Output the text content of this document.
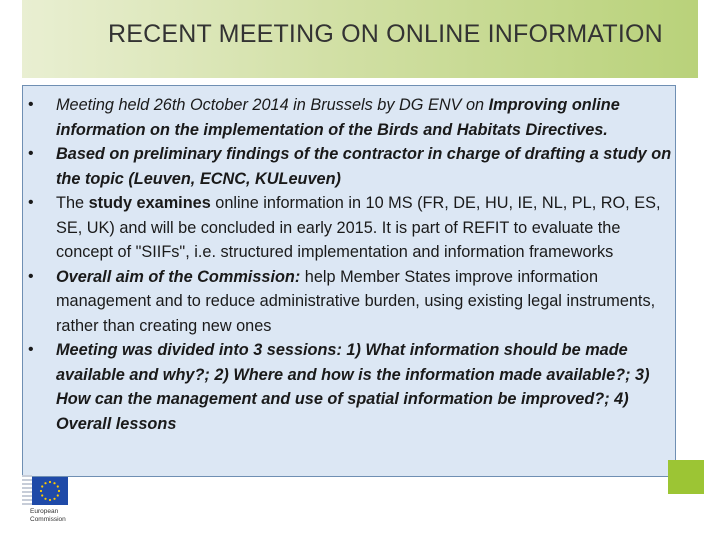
RECENT MEETING ON ONLINE INFORMATION
• Meeting held 26th October 2014 in Brussels by DG ENV on Improving online information on the implementation of the Birds and Habitats Directives.
• Based on preliminary findings of the contractor in charge of drafting a study on the topic (Leuven, ECNC, KULeuven)
• The study examines online information in 10 MS (FR, DE, HU, IE, NL, PL, RO, ES, SE, UK) and will be concluded in early 2015. It is part of REFIT to evaluate the concept of "SIIFs", i.e. structured implementation and information frameworks
• Overall aim of the Commission: help Member States improve information management and to reduce administrative burden, using existing legal instruments, rather than creating new ones
• Meeting was divided into 3 sessions: 1) What information should be made available and why?; 2) Where and how is the information made available?; 3) How can the management and use of spatial information be improved?; 4) Overall lessons
European
Commission
